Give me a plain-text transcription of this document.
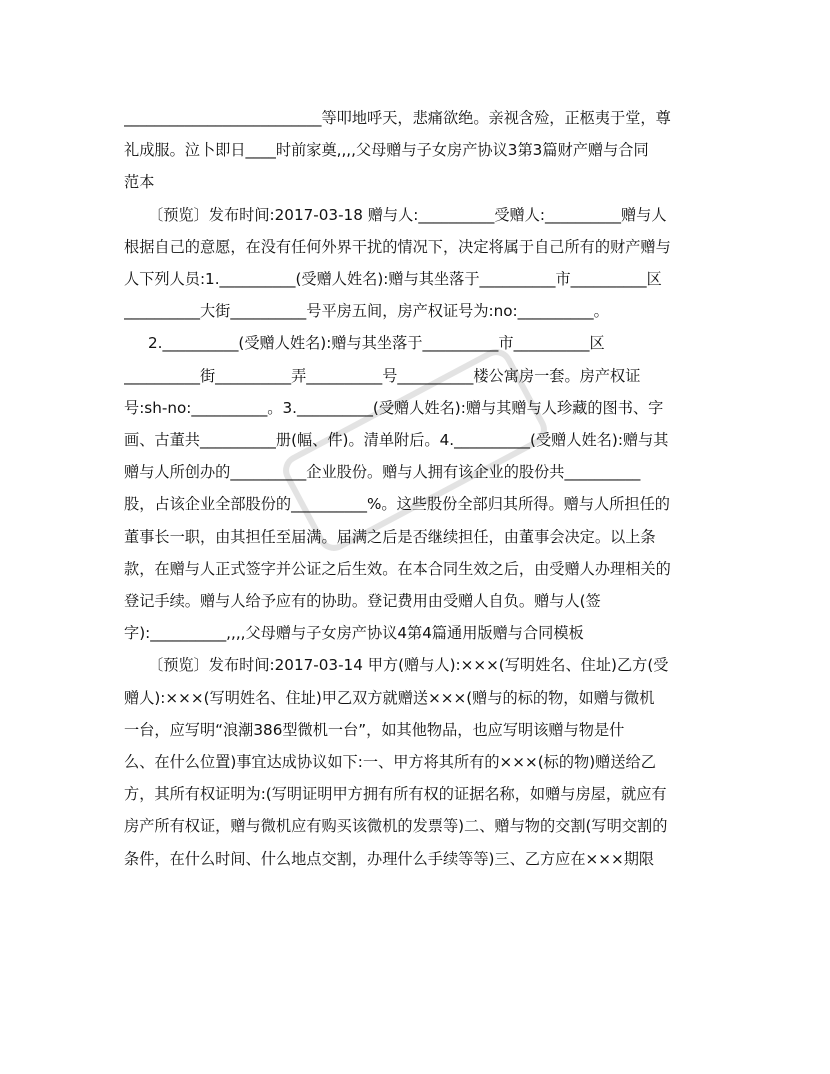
__________________________等叩地呼天，悲痛欲绝。亲视含殓，正柩夷于堂，尊
礼成服。泣卜即日____时前家奠,,,,父母赠与子女房产协议3第3篇财产赠与合同
范本
〔预览〕发布时间:2017-03-18 赠与人:__________受赠人:__________赠与人
根据自己的意愿，在没有任何外界干扰的情况下，决定将属于自己所有的财产赠与
人下列人员:1.__________(受赠人姓名):赠与其坐落于__________市__________区
__________大街__________号平房五间，房产权证号为:no:__________。
2.__________(受赠人姓名):赠与其坐落于__________市__________区
__________街__________弄__________号__________楼公寓房一套。房产权证
号:sh-no:__________。3.__________(受赠人姓名):赠与其赠与人珍藏的图书、字
画、古董共__________册(幅、件)。清单附后。4.__________(受赠人姓名):赠与其
赠与人所创办的__________企业股份。赠与人拥有该企业的股份共__________
股，占该企业全部股份的__________%。这些股份全部归其所得。赠与人所担任的
董事长一职，由其担任至届满。届满之后是否继续担任，由董事会决定。以上条
款，在赠与人正式签字并公证之后生效。在本合同生效之后，由受赠人办理相关的
登记手续。赠与人给予应有的协助。登记费用由受赠人自负。赠与人(签
字):__________,,,,父母赠与子女房产协议4第4篇通用版赠与合同模板
〔预览〕发布时间:2017-03-14 甲方(赠与人):×××(写明姓名、住址)乙方(受
赠人):×××(写明姓名、住址)甲乙双方就赠送×××(赠与的标的物，如赠与微机
一台，应写明“浪潮386型微机一台”，如其他物品，也应写明该赠与物是什
么、在什么位置)事宜达成协议如下:一、甲方将其所有的×××(标的物)赠送给乙
方，其所有权证明为:(写明证明甲方拥有所有权的证据名称，如赠与房屋，就应有
房产所有权证，赠与微机应有购买该微机的发票等)二、赠与物的交割(写明交割的
条件，在什么时间、什么地点交割，办理什么手续等等)三、乙方应在×××期限
